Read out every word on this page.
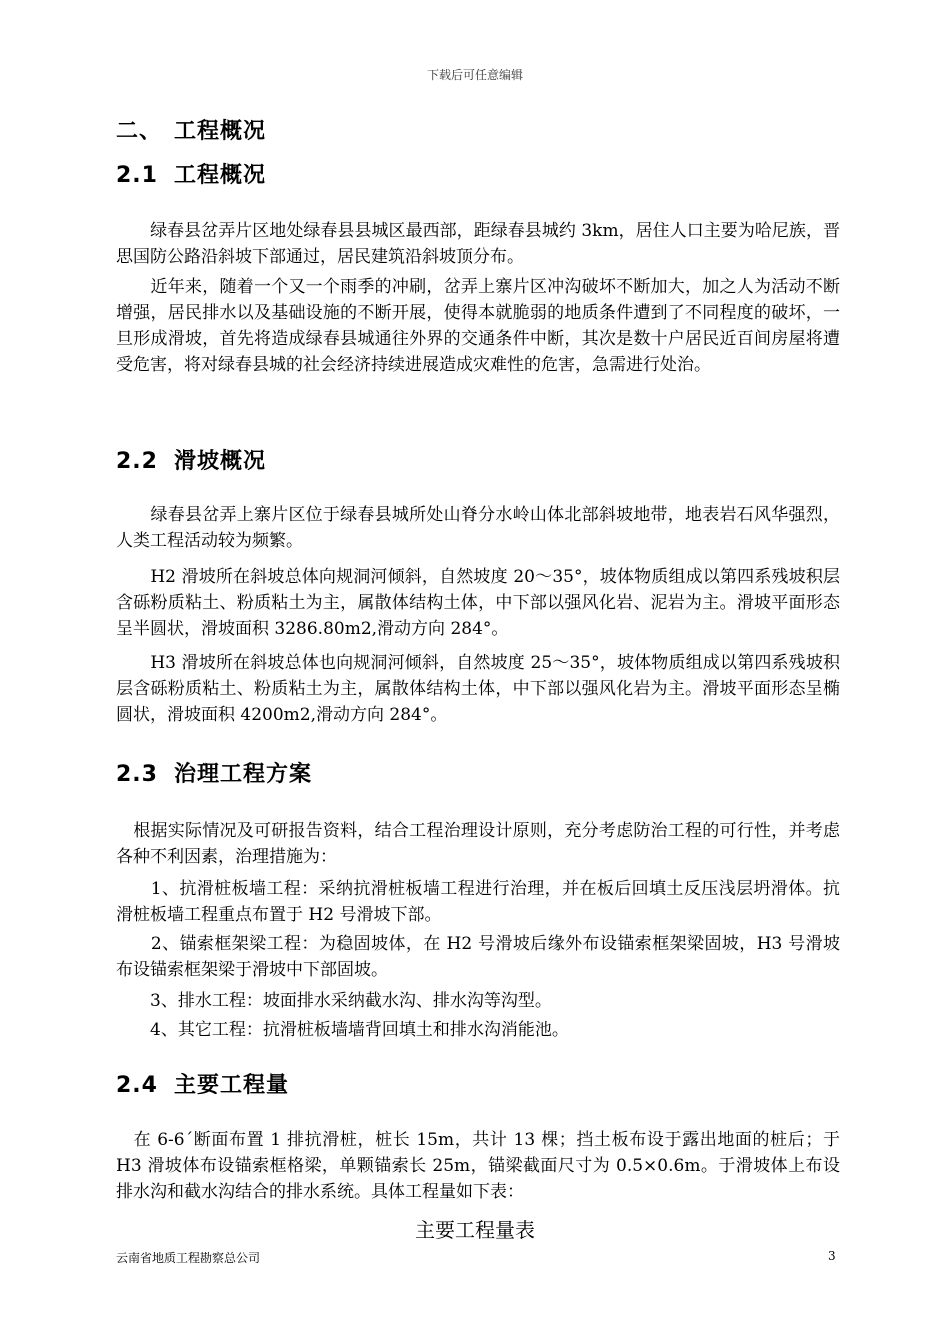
下载后可任意编辑
二、 工程概况
2.1 工程概况
　　绿春县岔弄片区地处绿春县县城区最西部，距绿春县城约 3km，居住人口主要为哈尼族，晋思国防公路沿斜坡下部通过，居民建筑沿斜坡顶分布。
　　近年来，随着一个又一个雨季的冲刷，岔弄上寨片区冲沟破坏不断加大，加之人为活动不断增强，居民排水以及基础设施的不断开展，使得本就脆弱的地质条件遭到了不同程度的破坏，一旦形成滑坡，首先将造成绿春县城通往外界的交通条件中断，其次是数十户居民近百间房屋将遭受危害，将对绿春县城的社会经济持续进展造成灾难性的危害，急需进行处治。
2.2 滑坡概况
　　绿春县岔弄上寨片区位于绿春县城所处山脊分水岭山体北部斜坡地带，地表岩石风华强烈，人类工程活动较为频繁。
　　H2 滑坡所在斜坡总体向规洞河倾斜，自然坡度 20～35°，坡体物质组成以第四系残坡积层含砾粉质粘土、粉质粘土为主，属散体结构土体，中下部以强风化岩、泥岩为主。滑坡平面形态呈半圆状，滑坡面积 3286.80m2,滑动方向 284°。
　　H3 滑坡所在斜坡总体也向规洞河倾斜，自然坡度 25～35°，坡体物质组成以第四系残坡积层含砾粉质粘土、粉质粘土为主，属散体结构土体，中下部以强风化岩为主。滑坡平面形态呈椭圆状，滑坡面积 4200m2,滑动方向 284°。
2.3 治理工程方案
　根据实际情况及可研报告资料，结合工程治理设计原则，充分考虑防治工程的可行性，并考虑各种不利因素，治理措施为：
　　1、抗滑桩板墙工程：采纳抗滑桩板墙工程进行治理，并在板后回填土反压浅层坍滑体。抗滑桩板墙工程重点布置于 H2 号滑坡下部。
　　2、锚索框架梁工程：为稳固坡体，在 H2 号滑坡后缘外布设锚索框架梁固坡，H3 号滑坡布设锚索框架梁于滑坡中下部固坡。
　　3、排水工程：坡面排水采纳截水沟、排水沟等沟型。
　　4、其它工程：抗滑桩板墙墙背回填土和排水沟消能池。
2.4 主要工程量
　在 6-6´断面布置 1 排抗滑桩，桩长 15m，共计 13 棵；挡土板布设于露出地面的桩后；于 H3 滑坡体布设锚索框格梁，单颗锚索长 25m，锚梁截面尺寸为 0.5×0.6m。于滑坡体上布设排水沟和截水沟结合的排水系统。具体工程量如下表：
主要工程量表
云南省地质工程勘察总公司	3
